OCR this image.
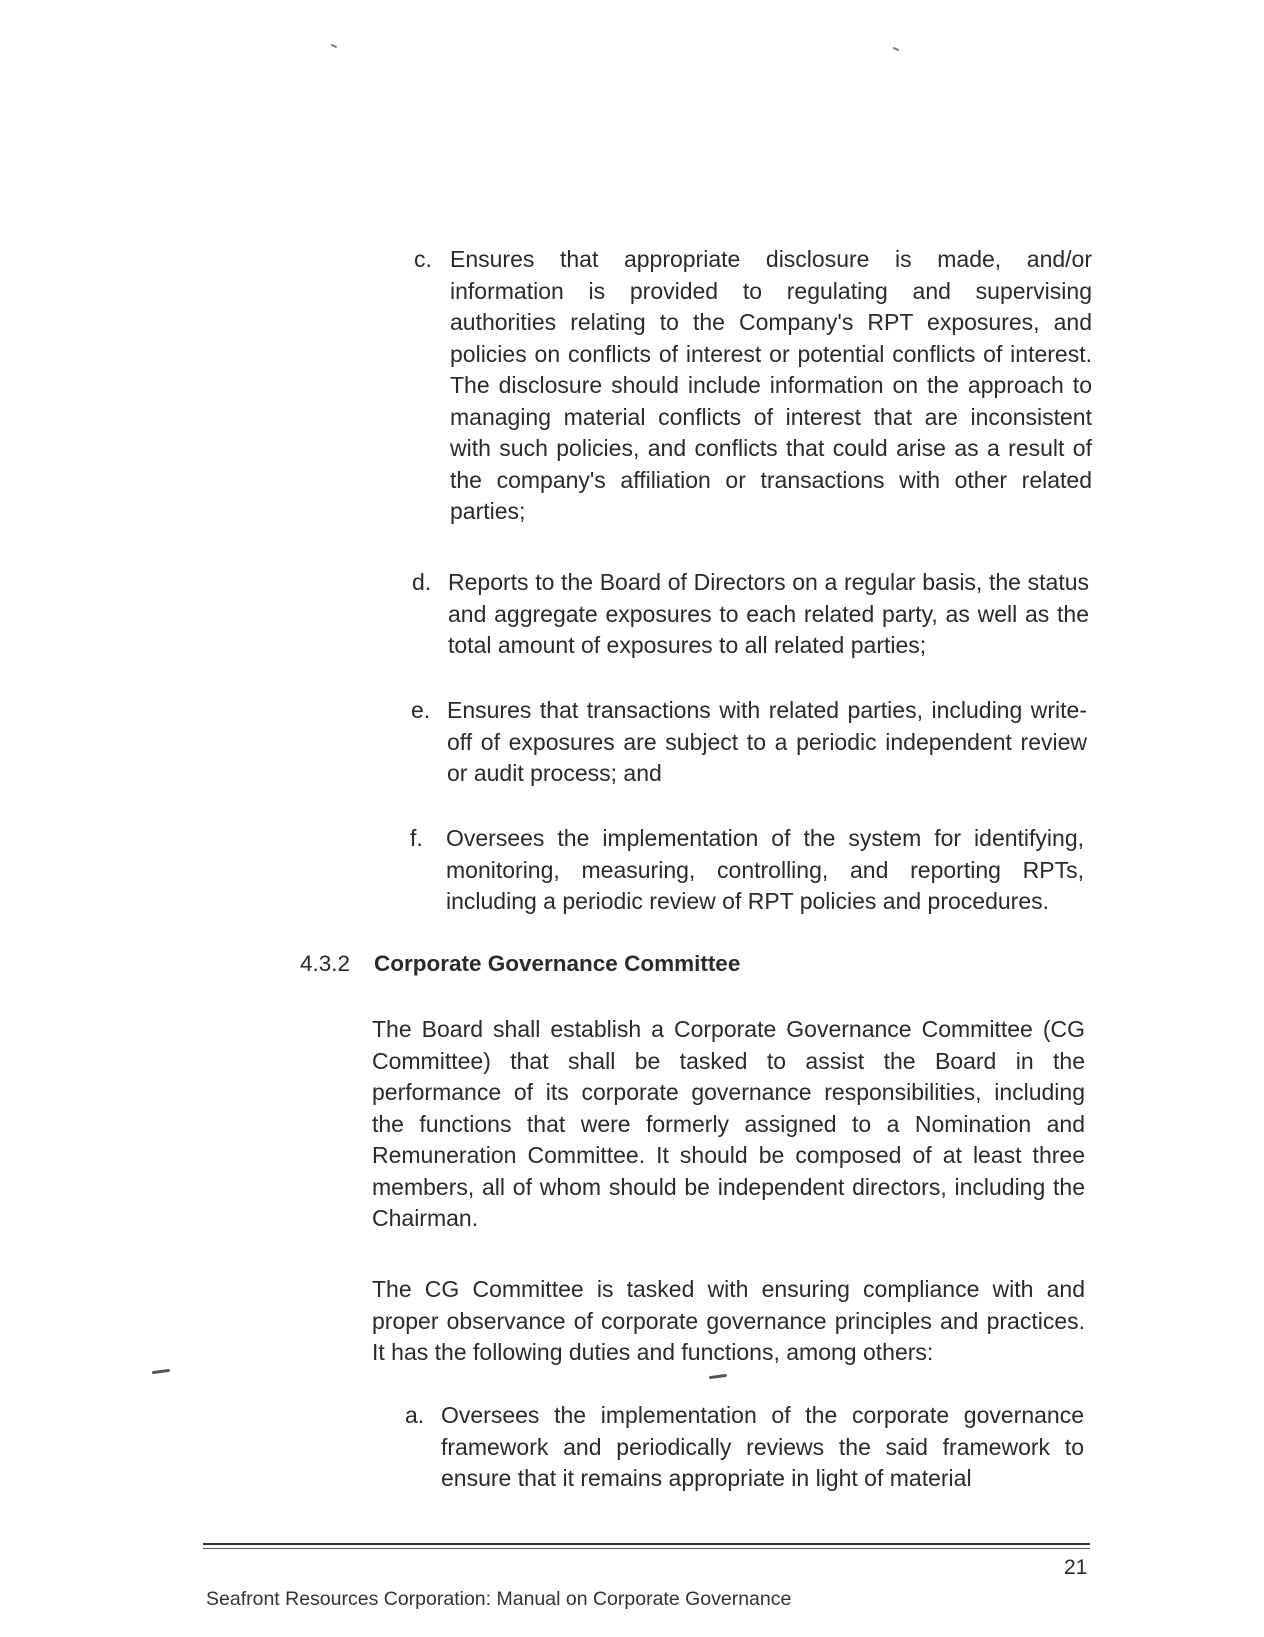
c. Ensures that appropriate disclosure is made, and/or information is provided to regulating and supervising authorities relating to the Company's RPT exposures, and policies on conflicts of interest or potential conflicts of interest. The disclosure should include information on the approach to managing material conflicts of interest that are inconsistent with such policies, and conflicts that could arise as a result of the company's affiliation or transactions with other related parties;
d. Reports to the Board of Directors on a regular basis, the status and aggregate exposures to each related party, as well as the total amount of exposures to all related parties;
e. Ensures that transactions with related parties, including write-off of exposures are subject to a periodic independent review or audit process; and
f. Oversees the implementation of the system for identifying, monitoring, measuring, controlling, and reporting RPTs, including a periodic review of RPT policies and procedures.
4.3.2 Corporate Governance Committee
The Board shall establish a Corporate Governance Committee (CG Committee) that shall be tasked to assist the Board in the performance of its corporate governance responsibilities, including the functions that were formerly assigned to a Nomination and Remuneration Committee. It should be composed of at least three members, all of whom should be independent directors, including the Chairman.
The CG Committee is tasked with ensuring compliance with and proper observance of corporate governance principles and practices. It has the following duties and functions, among others:
a. Oversees the implementation of the corporate governance framework and periodically reviews the said framework to ensure that it remains appropriate in light of material
21
Seafront Resources Corporation: Manual on Corporate Governance
